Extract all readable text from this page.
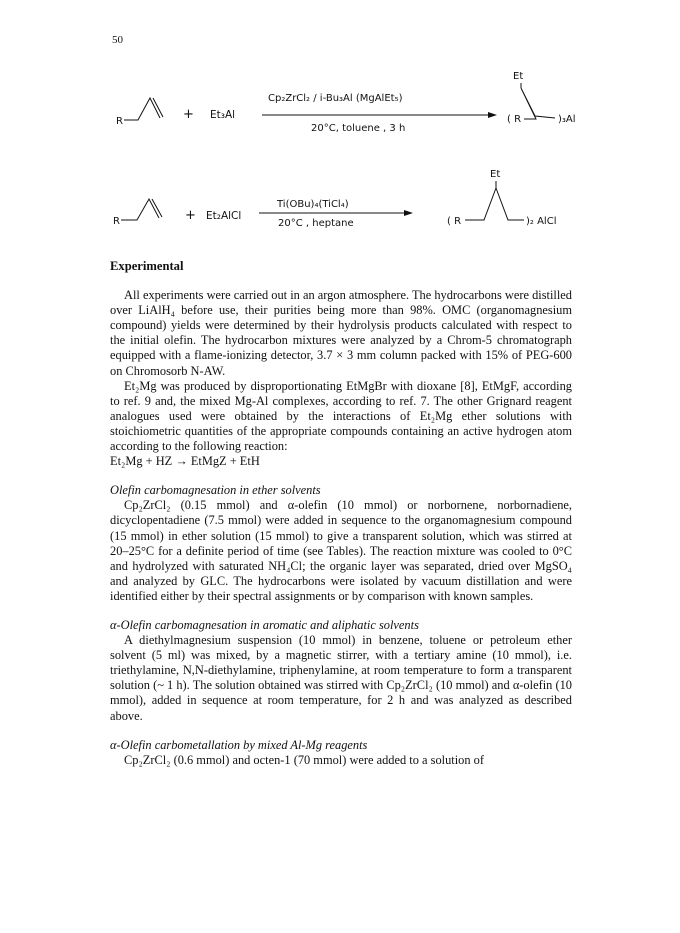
50
R	+ Et₃Al
Cp₂ZrCl₂ / i-Bu₃Al (MgAlEt₅)
20°C, toluene , 3 h
Et
( R	)₃Al
R	+ Et₂AlCl
Ti(OBu)₄(TiCl₄)
20°C , heptane
Et
( R	)₂ AlCl
Experimental

All experiments were carried out in an argon atmosphere. The hydrocarbons were distilled over LiAlH₄ before use, their purities being more than 98%. OMC (organomagnesium compound) yields were determined by their hydrolysis products calculated with respect to the initial olefin. The hydrocarbon mixtures were analyzed by a Chrom-5 chromatograph equipped with a flame-ionizing detector, 3.7 × 3 mm column packed with 15% of PEG-600 on Chromosorb N-AW.

Et₂Mg was produced by disproportionating EtMgBr with dioxane [8], EtMgF, according to ref. 9 and, the mixed Mg-Al complexes, according to ref. 7. The other Grignard reagent analogues used were obtained by the interactions of Et₂Mg ether solutions with stoichiometric quantities of the appropriate compounds containing an active hydrogen atom according to the following reaction:

Et₂Mg + HZ → EtMgZ + EtH

Olefin carbomagnesation in ether solvents

Cp₂ZrCl₂ (0.15 mmol) and α-olefin (10 mmol) or norbornene, norbornadiene, dicyclopentadiene (7.5 mmol) were added in sequence to the organomagnesium compound (15 mmol) in ether solution (15 mmol) to give a transparent solution, which was stirred at 20–25°C for a definite period of time (see Tables). The reaction mixture was cooled to 0°C and hydrolyzed with saturated NH₄Cl; the organic layer was separated, dried over MgSO₄ and analyzed by GLC. The hydrocarbons were isolated by vacuum distillation and were identified either by their spectral assignments or by comparison with known samples.

α-Olefin carbomagnesation in aromatic and aliphatic solvents

A diethylmagnesium suspension (10 mmol) in benzene, toluene or petroleum ether solvent (5 ml) was mixed, by a magnetic stirrer, with a tertiary amine (10 mmol), i.e. triethylamine, N,N-diethylamine, triphenylamine, at room temperature to form a transparent solution (~ 1 h). The solution obtained was stirred with Cp₂ZrCl₂ (10 mmol) and α-olefin (10 mmol), added in sequence at room temperature, for 2 h and was analyzed as described above.

α-Olefin carbometallation by mixed Al-Mg reagents

Cp₂ZrCl₂ (0.6 mmol) and octen-1 (70 mmol) were added to a solution of
